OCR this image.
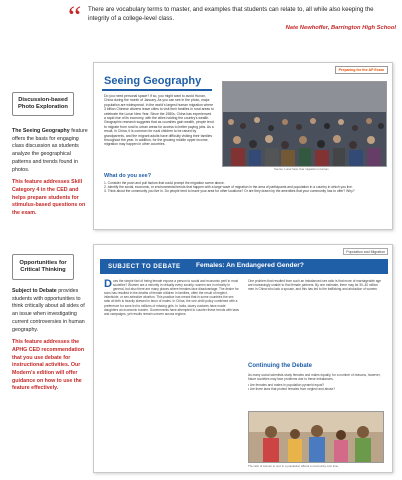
“ There are vocabulary terms to master, and examples that students can relate to, all while also keeping the integrity of a college-level class.
Nate Newhoffer, Barrington High School
Discussion-based Photo Exploration

The Seeing Geography feature offers the basis for engaging class discussion as students analyze the geographical patterns and trends found in photos.

This feature addresses Skill Category 4 in the CED and helps prepare students for stimulus-based questions on the exam.

Opportunities for Critical Thinking

Subject to Debate provides students with opportunities to think critically about all sides of an issue when investigating current controversies in human geography.

This feature addresses the APHG CED recommendation that you use debate for instructional activities. Our Modern's edition will offer guidance on how to use the feature effectively.

Preparing for the AP Exam
Seeing Geography
Do you need personal space? If so, you might want to avoid Hunan, China during the month of January. As you can see in the photo, major population are widespread. In the world's largest human migration where 3 billion Chinese citizens leave cities to visit their families in rural areas to celebrate the Lunar New Year. Since the 1980s, China has experienced a rapid rise of its economy, with the cities holding the country's wealth. Geographic research suggests that as countries gain wealth, people tend to migrate from rural to urban areas for access to better paying jobs. As a result, in China, it is common for rural children to be raised by grandparents, and the migrant adults have difficulty visiting their families throughout the year. In addition, for the growing middle upper income, migration may happen in other countries.
Source: Lunar New Year migration in Hunan
What do you see?
1. Consider the push and pull factors that could prompt the migration scene above.
2. Identify the social, economic, or environmental trends that happen with a large wave of migration in the area of participants and population in a country in which you live.
3. Think about the community you live in. Do people tend to leave your area for other locations? Or are they drawn by the amenities that your community has to offer? Why?
Population and Migration
SUBJECT TO DEBATE Females: An Endangered Gender?
Does the simple fact of being female expose a person to social and economic peril in most societies? Women are a minority in virtually every society; women are in minority in general, but also there are many places where females face disadvantage. The desire for sons has resulted in the deaths of female children in families, often the result of neglect, infanticide, or sex-selective abortion. This practice has meant that in some countries the sex ratio at birth is heavily skewed in favor of males. In China, the one-child policy combined with a preference for sons led to millions of missing girls. In India, dowry customs have made daughters an economic burden. Governments have attempted to counter these trends with laws and campaigns, yet results remain uneven across regions.
One problem that resulted from such an imbalanced sex ratio is that more of marriageable age are increasingly unable to find female partners. By one estimate, there may be 30–40 million men in China who lack a spouse, and this has led to the trafficking and abduction of women.
Continuing the Debate
As many social scientists study females and males equally, for a number of reasons, however, future societies may face problems due to these imbalances.
• Are females and males in population pyramid equal?
• Are there laws that protect females from neglect and abuse?
The ratio of women to men in a population affects a community over time.
